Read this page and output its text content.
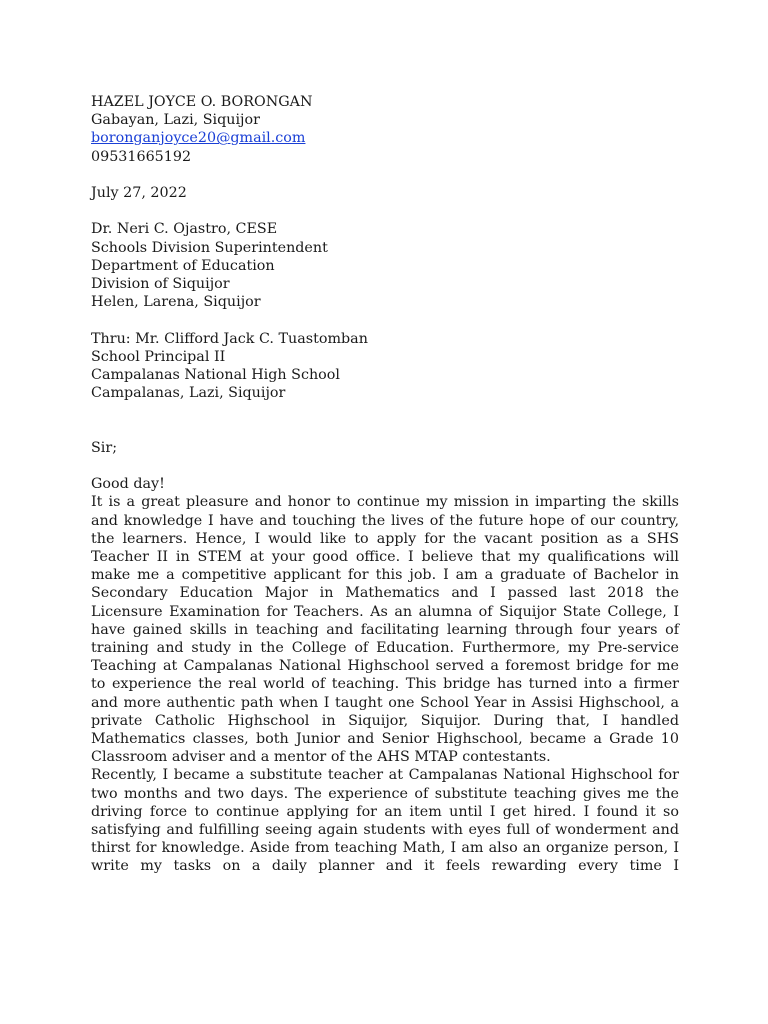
HAZEL JOYCE O. BORONGAN
Gabayan, Lazi, Siquijor
boronganjoyce20@gmail.com
09531665192
July 27, 2022
Dr. Neri C. Ojastro, CESE
Schools Division Superintendent
Department of Education
Division of Siquijor
Helen, Larena, Siquijor
Thru: Mr. Clifford Jack C. Tuastomban
School Principal II
Campalanas National High School
Campalanas, Lazi, Siquijor
Sir;
Good day!
It is a great pleasure and honor to continue my mission in imparting the skills
and knowledge I have and touching the lives of the future hope of our country,
the learners. Hence, I would like to apply for the vacant position as a SHS
Teacher II in STEM at your good office. I believe that my qualifications will
make me a competitive applicant for this job. I am a graduate of Bachelor in
Secondary Education Major in Mathematics and I passed last 2018 the
Licensure Examination for Teachers. As an alumna of Siquijor State College, I
have gained skills in teaching and facilitating learning through four years of
training and study in the College of Education. Furthermore, my Pre-service
Teaching at Campalanas National Highschool served a foremost bridge for me
to experience the real world of teaching. This bridge has turned into a firmer
and more authentic path when I taught one School Year in Assisi Highschool, a
private Catholic Highschool in Siquijor, Siquijor. During that, I handled
Mathematics classes, both Junior and Senior Highschool, became a Grade 10
Classroom adviser and a mentor of the AHS MTAP contestants.
Recently, I became a substitute teacher at Campalanas National Highschool for
two months and two days. The experience of substitute teaching gives me the
driving force to continue applying for an item until I get hired. I found it so
satisfying and fulfilling seeing again students with eyes full of wonderment and
thirst for knowledge. Aside from teaching Math, I am also an organize person, I
write my tasks on a daily planner and it feels rewarding every time I
